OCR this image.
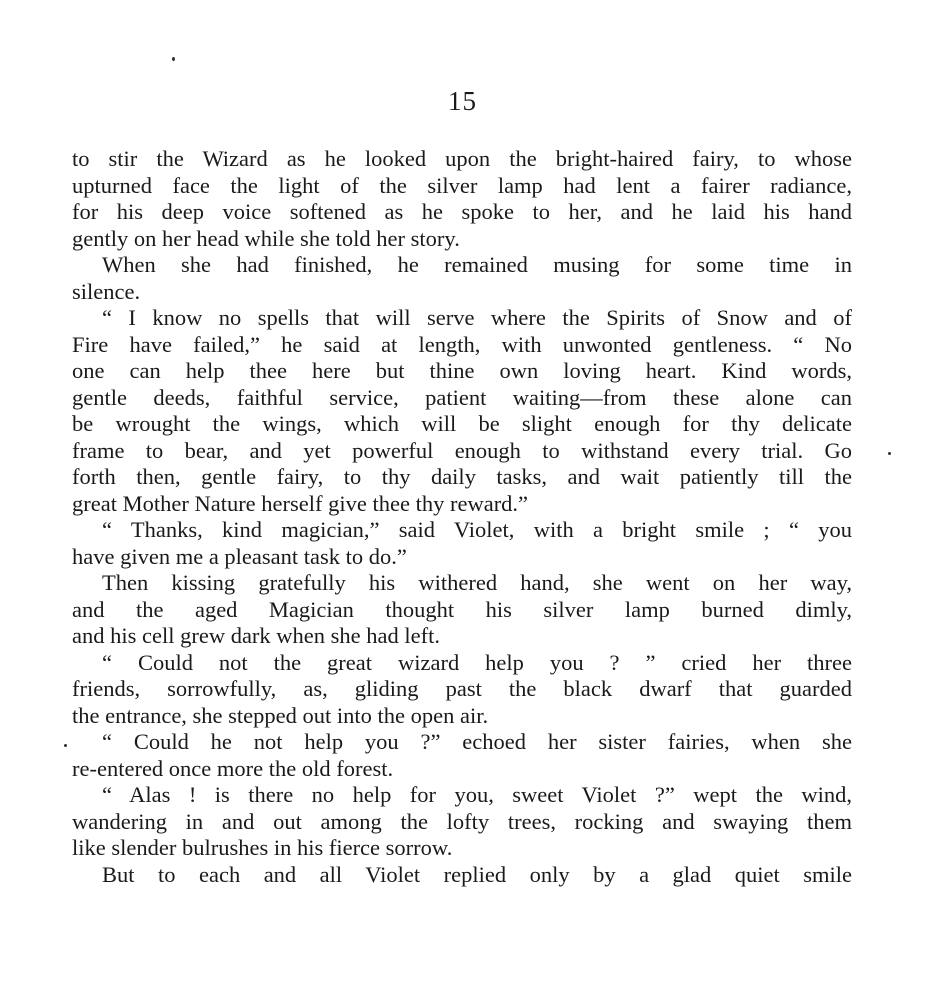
15
to stir the Wizard as he looked upon the bright-haired fairy, to whose
upturned face the light of the silver lamp had lent a fairer radiance,
for his deep voice softened as he spoke to her, and he laid his hand
gently on her head while she told her story.
When she had finished, he remained musing for some time in
silence.
“ I know no spells that will serve where the Spirits of Snow and of
Fire have failed,” he said at length, with unwonted gentleness. “ No
one can help thee here but thine own loving heart. Kind words,
gentle deeds, faithful service, patient waiting—from these alone can
be wrought the wings, which will be slight enough for thy delicate
frame to bear, and yet powerful enough to withstand every trial. Go
forth then, gentle fairy, to thy daily tasks, and wait patiently till the
great Mother Nature herself give thee thy reward.”
“ Thanks, kind magician,” said Violet, with a bright smile ; “ you
have given me a pleasant task to do.”
Then kissing gratefully his withered hand, she went on her way,
and the aged Magician thought his silver lamp burned dimly,
and his cell grew dark when she had left.
“ Could not the great wizard help you ? ” cried her three
friends, sorrowfully, as, gliding past the black dwarf that guarded
the entrance, she stepped out into the open air.
“ Could he not help you ?” echoed her sister fairies, when she
re-entered once more the old forest.
“ Alas ! is there no help for you, sweet Violet ?” wept the wind,
wandering in and out among the lofty trees, rocking and swaying them
like slender bulrushes in his fierce sorrow.
But to each and all Violet replied only by a glad quiet smile
